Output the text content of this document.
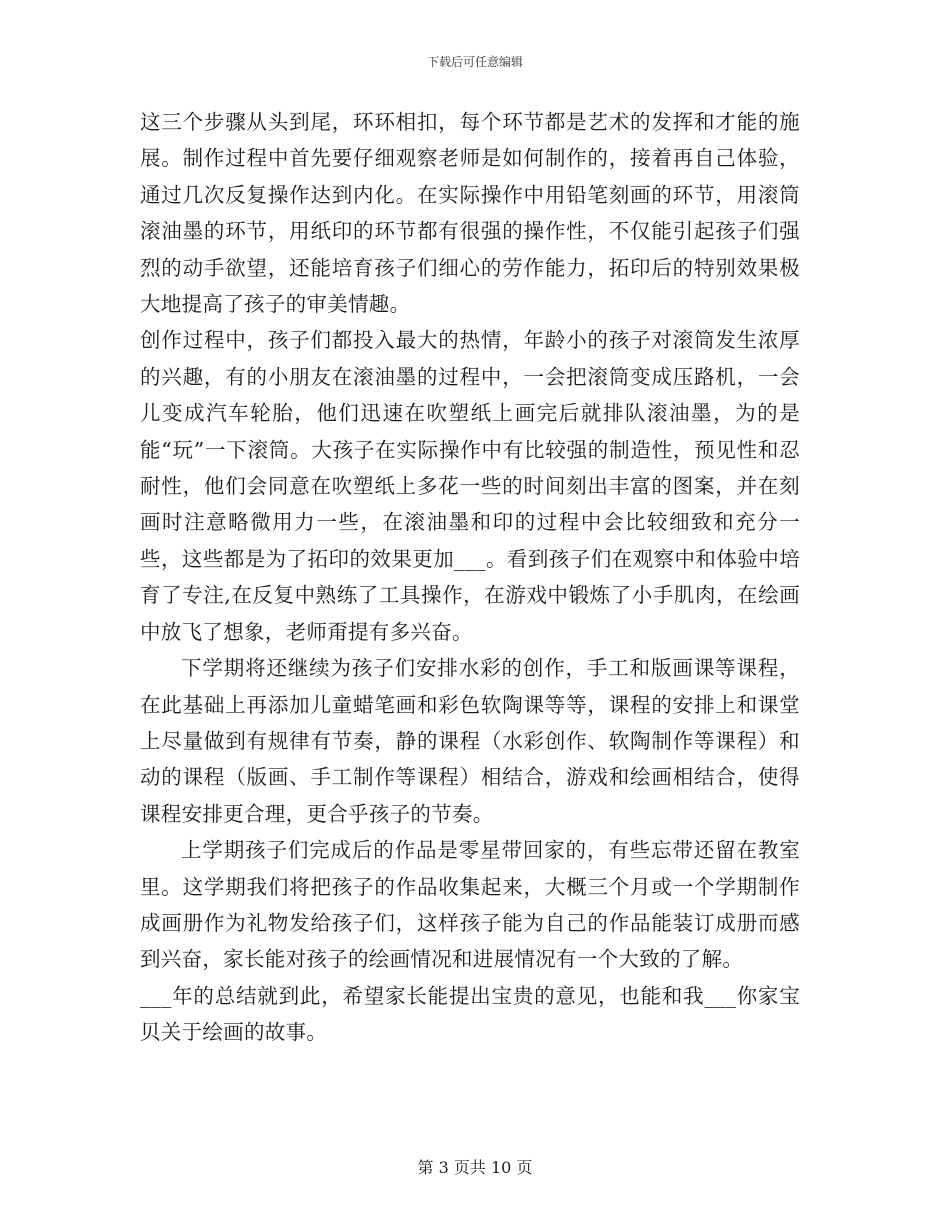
下载后可任意编辑

这三个步骤从头到尾，环环相扣，每个环节都是艺术的发挥和才能的施展。制作过程中首先要仔细观察老师是如何制作的，接着再自己体验，通过几次反复操作达到内化。在实际操作中用铅笔刻画的环节，用滚筒滚油墨的环节，用纸印的环节都有很强的操作性，不仅能引起孩子们强烈的动手欲望，还能培育孩子们细心的劳作能力，拓印后的特别效果极大地提高了孩子的审美情趣。

创作过程中，孩子们都投入最大的热情，年龄小的孩子对滚筒发生浓厚的兴趣，有的小朋友在滚油墨的过程中，一会把滚筒变成压路机，一会儿变成汽车轮胎，他们迅速在吹塑纸上画完后就排队滚油墨，为的是能“玩”一下滚筒。大孩子在实际操作中有比较强的制造性，预见性和忍耐性，他们会同意在吹塑纸上多花一些的时间刻出丰富的图案，并在刻画时注意略微用力一些，在滚油墨和印的过程中会比较细致和充分一些，这些都是为了拓印的效果更加___。看到孩子们在观察中和体验中培育了专注,在反复中熟练了工具操作，在游戏中锻炼了小手肌肉，在绘画中放飞了想象，老师甭提有多兴奋。

下学期将还继续为孩子们安排水彩的创作，手工和版画课等课程，在此基础上再添加儿童蜡笔画和彩色软陶课等等，课程的安排上和课堂上尽量做到有规律有节奏，静的课程（水彩创作、软陶制作等课程）和动的课程（版画、手工制作等课程）相结合，游戏和绘画相结合，使得课程安排更合理，更合乎孩子的节奏。

上学期孩子们完成后的作品是零星带回家的，有些忘带还留在教室里。这学期我们将把孩子的作品收集起来，大概三个月或一个学期制作成画册作为礼物发给孩子们，这样孩子能为自己的作品能装订成册而感到兴奋，家长能对孩子的绘画情况和进展情况有一个大致的了解。

___年的总结就到此，希望家长能提出宝贵的意见，也能和我___你家宝贝关于绘画的故事。

第 3 页共 10 页
